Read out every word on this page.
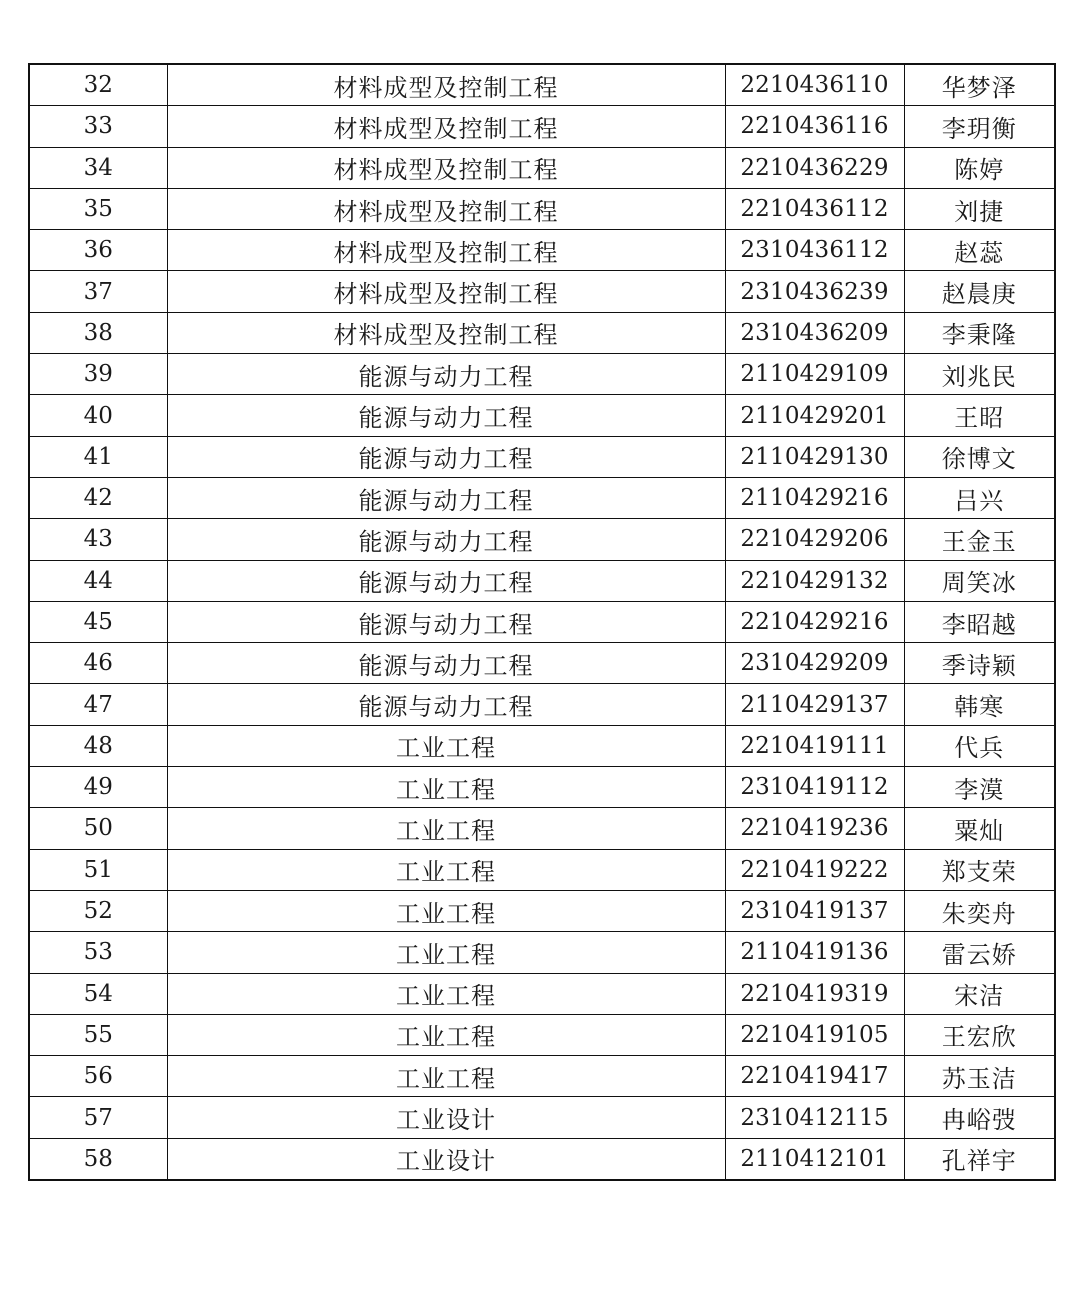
32	材料成型及控制工程	2210436110	华梦泽
33	材料成型及控制工程	2210436116	李玥衡
34	材料成型及控制工程	2210436229	陈婷
35	材料成型及控制工程	2210436112	刘捷
36	材料成型及控制工程	2310436112	赵蕊
37	材料成型及控制工程	2310436239	赵晨庚
38	材料成型及控制工程	2310436209	李秉隆
39	能源与动力工程	2110429109	刘兆民
40	能源与动力工程	2110429201	王昭
41	能源与动力工程	2110429130	徐博文
42	能源与动力工程	2110429216	吕兴
43	能源与动力工程	2210429206	王金玉
44	能源与动力工程	2210429132	周笑冰
45	能源与动力工程	2210429216	李昭越
46	能源与动力工程	2310429209	季诗颖
47	能源与动力工程	2110429137	韩寒
48	工业工程	2210419111	代兵
49	工业工程	2310419112	李漠
50	工业工程	2210419236	粟灿
51	工业工程	2210419222	郑支荣
52	工业工程	2310419137	朱奕舟
53	工业工程	2110419136	雷云娇
54	工业工程	2210419319	宋洁
55	工业工程	2210419105	王宏欣
56	工业工程	2210419417	苏玉洁
57	工业设计	2310412115	冉峪弢
58	工业设计	2110412101	孔祥宇
